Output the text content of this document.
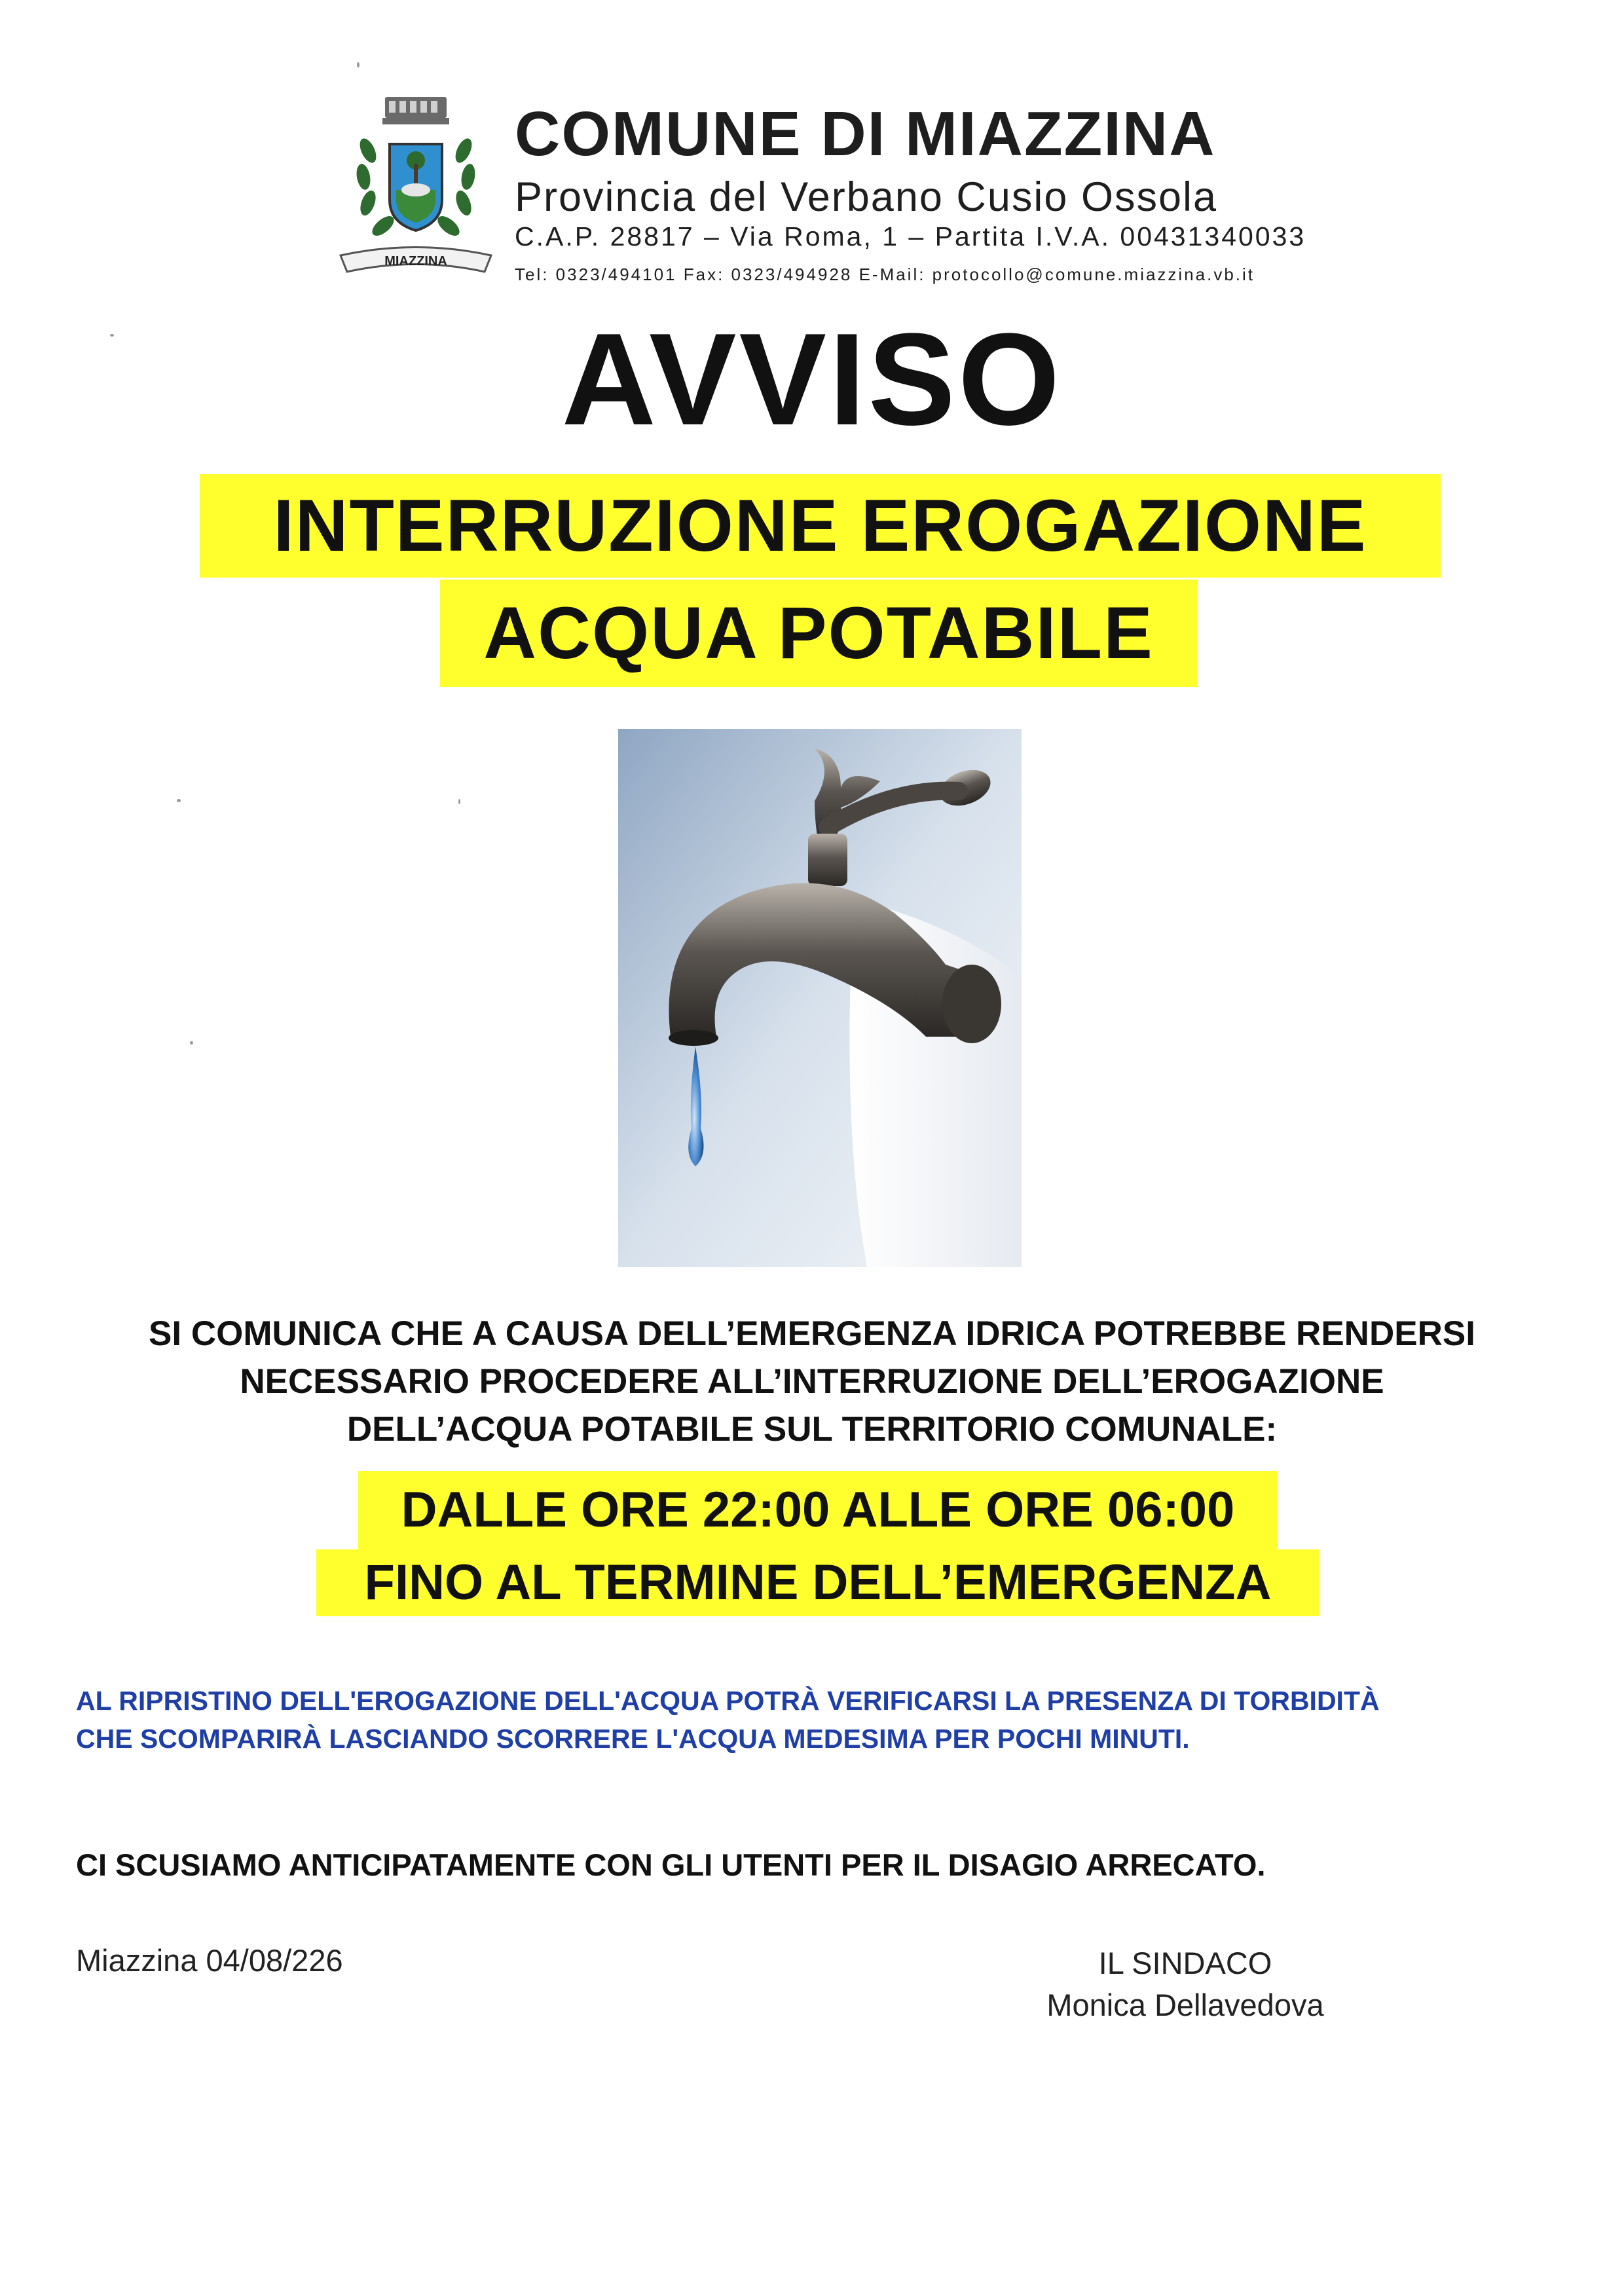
MIAZZINA
COMUNE DI MIAZZINA
Provincia del Verbano Cusio Ossola
C.A.P. 28817 – Via Roma, 1 – Partita I.V.A. 00431340033
Tel: 0323/494101 Fax: 0323/494928 E-Mail: protocollo@comune.miazzina.vb.it
AVVISO
INTERRUZIONE EROGAZIONE
ACQUA POTABILE
SI COMUNICA CHE A CAUSA DELL’EMERGENZA IDRICA POTREBBE RENDERSI
NECESSARIO PROCEDERE ALL’INTERRUZIONE DELL’EROGAZIONE
DELL’ACQUA POTABILE SUL TERRITORIO COMUNALE:
DALLE ORE 22:00 ALLE ORE 06:00
FINO AL TERMINE DELL’EMERGENZA
AL RIPRISTINO DELL'EROGAZIONE DELL'ACQUA POTRÀ VERIFICARSI LA PRESENZA DI TORBIDITÀ
CHE SCOMPARIRÀ LASCIANDO SCORRERE L'ACQUA MEDESIMA PER POCHI MINUTI.
CI SCUSIAMO ANTICIPATAMENTE CON GLI UTENTI PER IL DISAGIO ARRECATO.
Miazzina 04/08/226	IL SINDACO
Monica Dellavedova
